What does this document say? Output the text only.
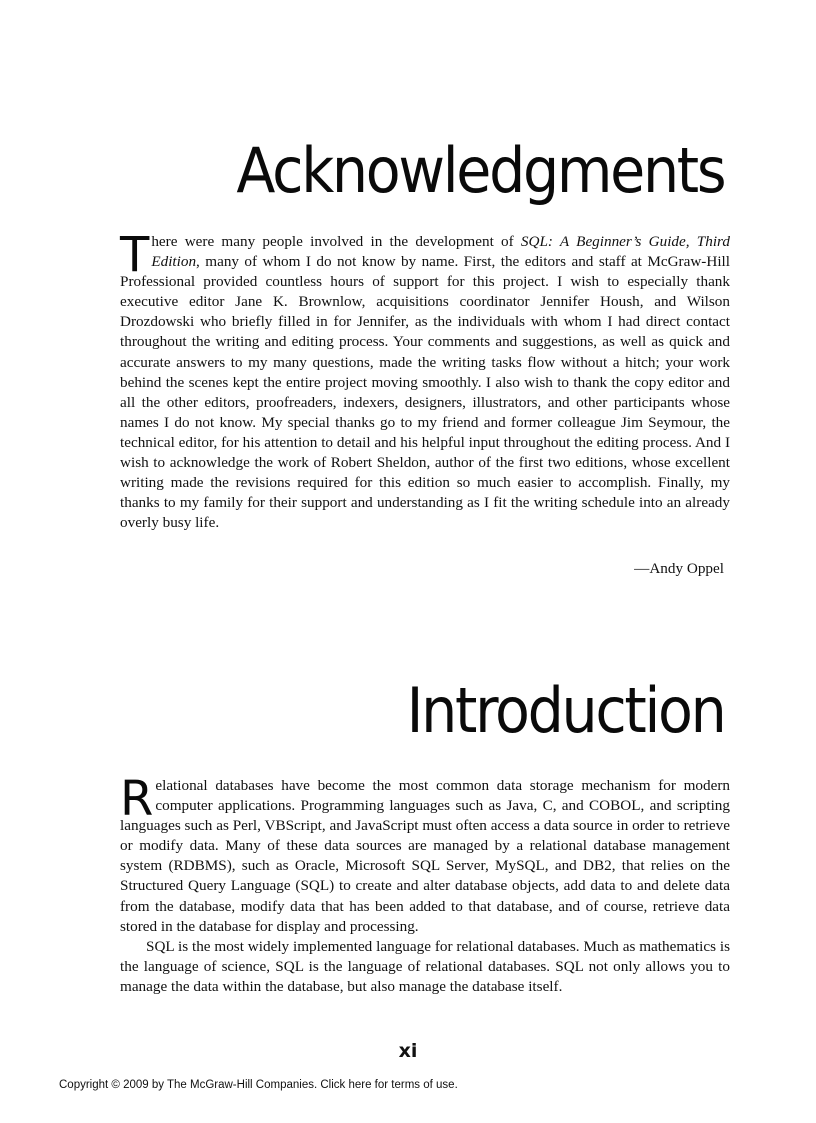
Acknowledgments
There were many people involved in the development of SQL: A Beginner’s Guide, Third Edition, many of whom I do not know by name. First, the editors and staff at McGraw-Hill Professional provided countless hours of support for this project. I wish to especially thank executive editor Jane K. Brownlow, acquisitions coordinator Jennifer Housh, and Wilson Drozdowski who briefly filled in for Jennifer, as the individuals with whom I had direct contact throughout the writing and editing process. Your comments and suggestions, as well as quick and accurate answers to my many questions, made the writing tasks flow without a hitch; your work behind the scenes kept the entire project moving smoothly. I also wish to thank the copy editor and all the other editors, proofreaders, indexers, designers, illustrators, and other participants whose names I do not know. My special thanks go to my friend and former colleague Jim Seymour, the technical editor, for his attention to detail and his helpful input throughout the editing process. And I wish to acknowledge the work of Robert Sheldon, author of the first two editions, whose excellent writing made the revisions required for this edition so much easier to accomplish. Finally, my thanks to my family for their support and understanding as I fit the writing schedule into an already overly busy life.

—Andy Oppel

Introduction
Relational databases have become the most common data storage mechanism for modern computer applications. Programming languages such as Java, C, and COBOL, and scripting languages such as Perl, VBScript, and JavaScript must often access a data source in order to retrieve or modify data. Many of these data sources are managed by a relational database management system (RDBMS), such as Oracle, Microsoft SQL Server, MySQL, and DB2, that relies on the Structured Query Language (SQL) to create and alter database objects, add data to and delete data from the database, modify data that has been added to that database, and of course, retrieve data stored in the database for display and processing.

SQL is the most widely implemented language for relational databases. Much as mathematics is the language of science, SQL is the language of relational databases. SQL not only allows you to manage the data within the database, but also manage the database itself.

xi

Copyright © 2009 by The McGraw-Hill Companies. Click here for terms of use.
